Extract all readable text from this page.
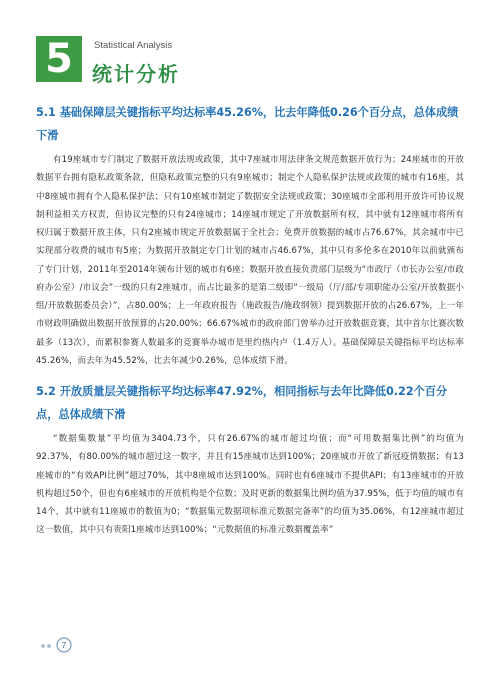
5	Statistical Analysis
统计分析
5.1 基础保障层关键指标平均达标率45.26%，比去年降低0.26个百分点，总体成绩下滑

有19座城市专门制定了数据开放法规或政策，其中7座城市用法律条文规范数据开放行为；24座城市的开放数据平台拥有隐私政策条款，但隐私政策完整的只有9座城市；制定个人隐私保护法规或政策的城市有16座，其中8座城市拥有个人隐私保护法；只有10座城市制定了数据安全法规或政策；30座城市全部利用开放许可协议规制利益相关方权责，但协议完整的只有24座城市；14座城市规定了开放数据所有权，其中就有12座城市将所有权归属于数据开放主体，只有2座城市规定开放数据属于全社会；免费开放数据的城市占76.67%，其余城市中已实现部分收费的城市有5座；为数据开放制定专门计划的城市占46.67%，其中只有多伦多在2010年以前就颁布了专门计划，2011年至2014年颁布计划的城市有6座；数据开放直接负责部门层级为“市政厅（市长办公室/市政府办公室）/市议会”一级的只有2座城市，而占比最多的是第二级即“一级局（厅/部/专项职能办公室/开放数据小组/开放数据委员会）”，占80.00%；上一年政府报告（施政报告/施政纲领）提到数据开放的占26.67%，上一年市财政明确做出数据开放预算的占20.00%；66.67%城市的政府部门曾举办过开放数据竞赛，其中首尔比赛次数最多（13次），而累积参赛人数最多的竞赛举办城市是里约热内卢（1.4万人）。基础保障层关键指标平均达标率45.26%，而去年为45.52%，比去年减少0.26%，总体成绩下滑。

5.2 开放质量层关键指标平均达标率47.92%，相同指标与去年比降低0.22个百分点，总体成绩下滑

“数据集数量”平均值为3404.73个，只有26.67%的城市超过均值；而“可用数据集比例”的均值为92.37%，有80.00%的城市超过这一数字，并且有15座城市达到100%；20座城市开放了新冠疫情数据；有13座城市的“有效API比例”超过70%，其中8座城市达到100%。同时也有6座城市不提供API；有13座城市的开放机构超过50个，但也有6座城市的开放机构是个位数；及时更新的数据集比例均值为37.95%，低于均值的城市有14个，其中就有11座城市的数值为0；“数据集元数据项标准元数据完备率”的均值为35.06%，有12座城市超过这一数值，其中只有贵阳1座城市达到100%；“元数据值的标准元数据覆盖率”

7
